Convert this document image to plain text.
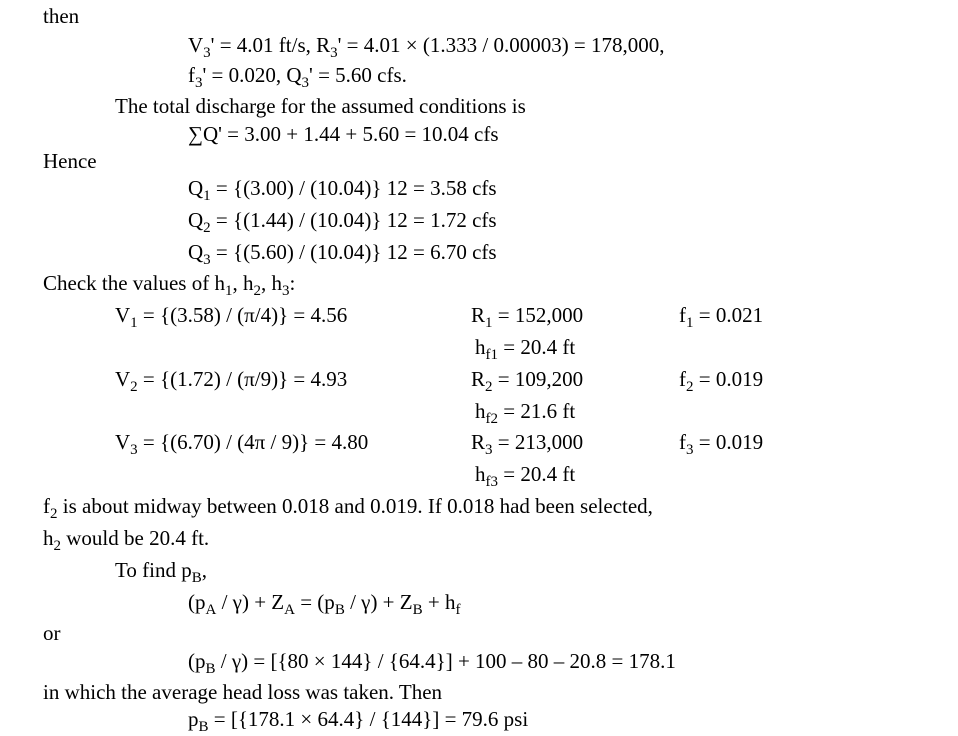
then
$V_3' = 4.01$ ft/s, $R_3' = 4.01 \times (1.333 / 0.00003) = 178,000$,
$f_3' = 0.020$, $Q_3' = 5.60$ cfs.
The total discharge for the assumed conditions is
∑Q' = 3.00 + 1.44 + 5.60 = 10.04 cfs
Hence
$Q_1 = \{(3.00) / (10.04)\} 12 = 3.58$ cfs
$Q_2 = \{(1.44) / (10.04)\} 12 = 1.72$ cfs
$Q_3 = \{(5.60) / (10.04)\} 12 = 6.70$ cfs
Check the values of $h_1$, $h_2$, $h_3$:
$V_1 = \{(3.58) / (\pi/4)\} = 4.56$	$R_1 = 152,000$	$f_1 = 0.021$
$h_{f1} = 20.4$ ft
$V_2 = \{(1.72) / (\pi/9)\} = 4.93$	$R_2 = 109,200$	$f_2 = 0.019$
$h_{f2} = 21.6$ ft
$V_3 = \{(6.70) / (4\pi / 9)\} = 4.80$	$R_3 = 213,000$	$f_3 = 0.019$
$h_{f3} = 20.4$ ft
$f_2$ is about midway between 0.018 and 0.019. If 0.018 had been selected,
$h_2$ would be 20.4 ft.
To find $p_B$,
$(p_A / \gamma) + Z_A = (p_B / \gamma) + Z_B + h_f$
or
$(p_B / \gamma) = [\{80 \times 144\} / \{64.4\}] + 100 - 80 - 20.8 = 178.1$
in which the average head loss was taken. Then
$p_B = [\{178.1 \times 64.4\} / \{144\}] = 79.6$ psi
